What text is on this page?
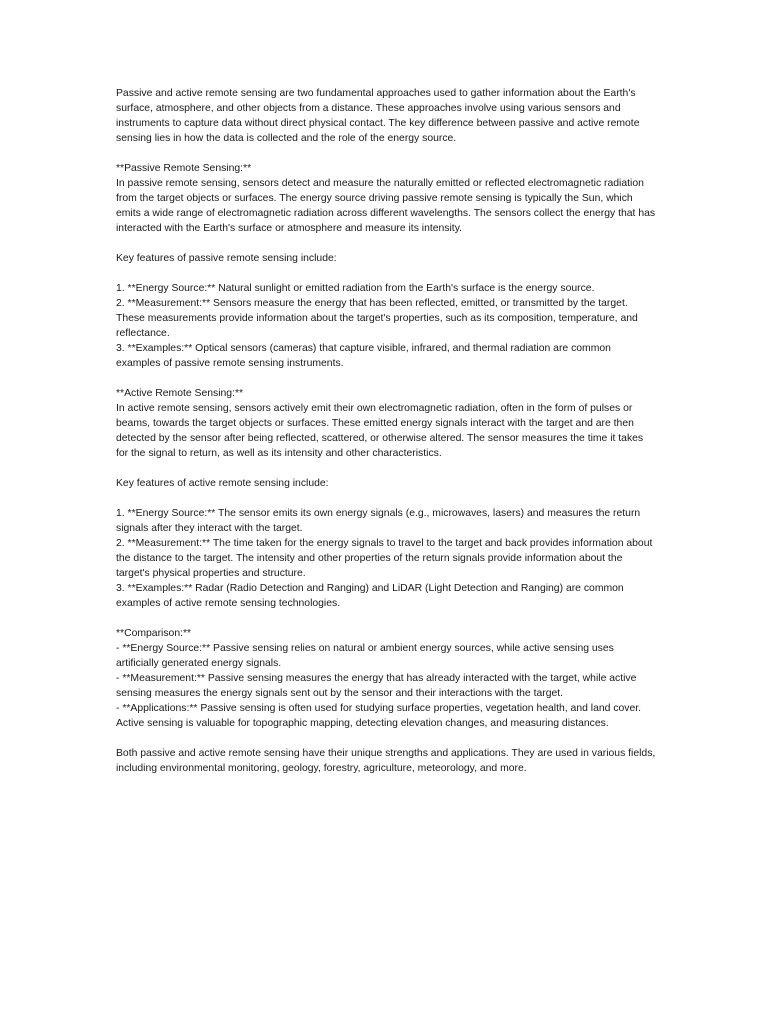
Passive and active remote sensing are two fundamental approaches used to gather information about the Earth's surface, atmosphere, and other objects from a distance. These approaches involve using various sensors and instruments to capture data without direct physical contact. The key difference between passive and active remote sensing lies in how the data is collected and the role of the energy source.

**Passive Remote Sensing:**

In passive remote sensing, sensors detect and measure the naturally emitted or reflected electromagnetic radiation from the target objects or surfaces. The energy source driving passive remote sensing is typically the Sun, which emits a wide range of electromagnetic radiation across different wavelengths. The sensors collect the energy that has interacted with the Earth's surface or atmosphere and measure its intensity.

Key features of passive remote sensing include:

1. **Energy Source:** Natural sunlight or emitted radiation from the Earth's surface is the energy source.

2. **Measurement:** Sensors measure the energy that has been reflected, emitted, or transmitted by the target. These measurements provide information about the target's properties, such as its composition, temperature, and reflectance.

3. **Examples:** Optical sensors (cameras) that capture visible, infrared, and thermal radiation are common examples of passive remote sensing instruments.

**Active Remote Sensing:**

In active remote sensing, sensors actively emit their own electromagnetic radiation, often in the form of pulses or beams, towards the target objects or surfaces. These emitted energy signals interact with the target and are then detected by the sensor after being reflected, scattered, or otherwise altered. The sensor measures the time it takes for the signal to return, as well as its intensity and other characteristics.

Key features of active remote sensing include:

1. **Energy Source:** The sensor emits its own energy signals (e.g., microwaves, lasers) and measures the return signals after they interact with the target.

2. **Measurement:** The time taken for the energy signals to travel to the target and back provides information about the distance to the target. The intensity and other properties of the return signals provide information about the target's physical properties and structure.

3. **Examples:** Radar (Radio Detection and Ranging) and LiDAR (Light Detection and Ranging) are common examples of active remote sensing technologies.

**Comparison:**

- **Energy Source:** Passive sensing relies on natural or ambient energy sources, while active sensing uses artificially generated energy signals.

- **Measurement:** Passive sensing measures the energy that has already interacted with the target, while active sensing measures the energy signals sent out by the sensor and their interactions with the target.

- **Applications:** Passive sensing is often used for studying surface properties, vegetation health, and land cover. Active sensing is valuable for topographic mapping, detecting elevation changes, and measuring distances.

Both passive and active remote sensing have their unique strengths and applications. They are used in various fields, including environmental monitoring, geology, forestry, agriculture, meteorology, and more.
